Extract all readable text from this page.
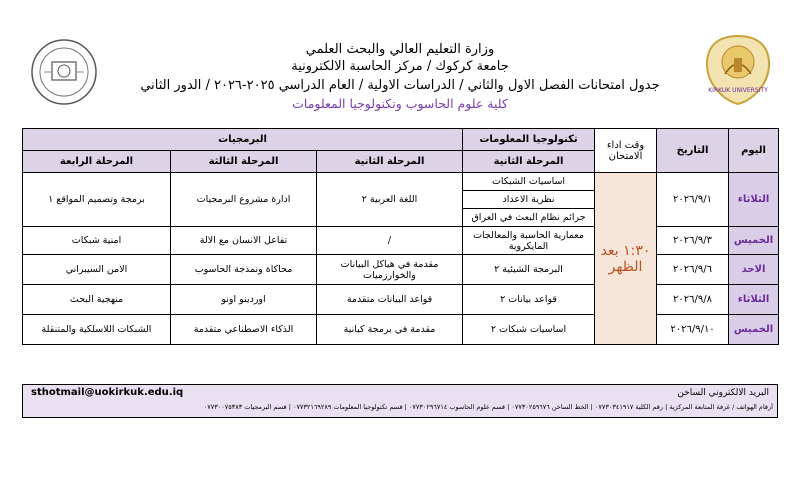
KIRKUK UNIVERSITY
وزارة التعليم العالي والبحث العلمي
جامعة كركوك / مركز الحاسبة الالكترونية
جدول امتحانات الفصل الاول والثاني / الدراسات الاولية / العام الدراسي ٢٠٢٥-٢٠٢٦ / الدور الثاني
كلية علوم الحاسوب وتكنولوجيا المعلومات
اليوم	التاريخ	وقت اداء الامتحان	تكنولوجيا المعلومات	البرمجيات		
			المرحلة الثانية	المرحلة الثانية	المرحلة الثالثة	المرحلة الرابعة
الثلاثاء	٢٠٢٦/٩/١	١:٣٠ بعد الظهر	اساسيات الشبكات	اللغة العربية ٢	ادارة مشروع البرمجيات	برمجة وتصميم المواقع ١
			نظرية الاعداد			
			جرائم نظام البعث في العراق			
الخميس	٢٠٢٦/٩/٣		معمارية الحاسبة والمعالجات المايكروية	/	تفاعل الانسان مع الالة	امنية شبكات
الاحد	٢٠٢٦/٩/٦		البرمجة الشيئية ٢	مقدمة في هياكل البيانات والخوارزميات	محاكاة ونمذجة الحاسوب	الامن السيبراني
الثلاثاء	٢٠٢٦/٩/٨		قواعد بيانات ٢	قواعد البيانات متقدمة	اوردينو اونو	منهجية البحث
الخميس	٢٠٢٦/٩/١٠		اساسيات شبكات ٢	مقدمة في برمجة كيانية	الذكاء الاصطناعي متقدمة	الشبكات اللاسلكية والمتنقلة
البريد الالكتروني الساخن
sthotmail@uokirkuk.edu.iq
أرقام الهواتف / غرفة المتابعة المركزية | رقم الكلية ٠٧٧٣٠٣٤١٩١٧ | الخط الساخن ٠٧٧٣٠٢٥٩٦٧٦ | قسم علوم الحاسوب ٠٧٧٣٠٢٩٦٧١٤ | قسم تكنولوجيا المعلومات ٠٧٧٣٢١٦٩٢٨٩ | قسم البرمجيات ٠٧٧٣٠٠٧٥٣٨٣
